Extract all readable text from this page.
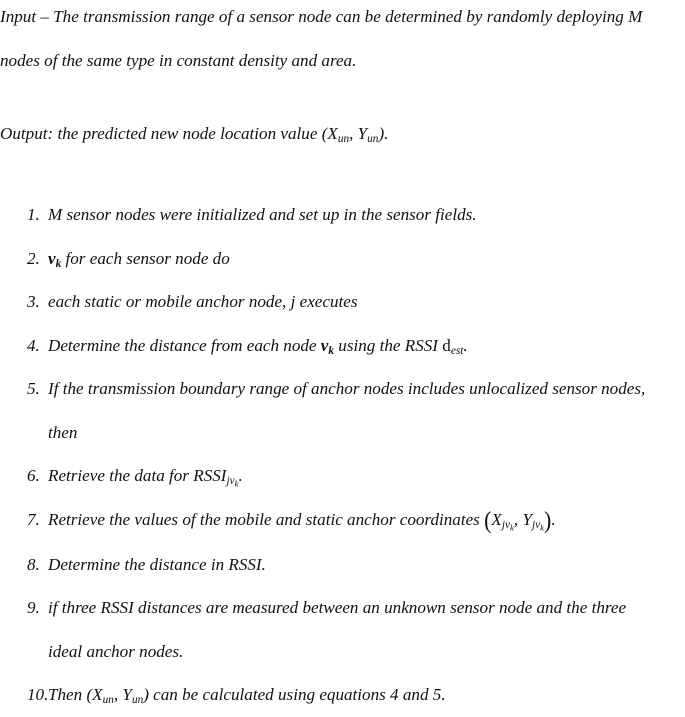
Input – The transmission range of a sensor node can be determined by randomly deploying M
nodes of the same type in constant density and area.
Output: the predicted new node location value ($X_{un}$, $Y_{un}$).
1. M sensor nodes were initialized and set up in the sensor fields.
2. $v_k$ for each sensor node do
3. each static or mobile anchor node, j executes
4. Determine the distance from each node $v_k$ using the RSSI $d_{est}$.
5. If the transmission boundary range of anchor nodes includes unlocalized sensor nodes,
then
6. Retrieve the data for $RSSI_{jv_k}$.
7. Retrieve the values of the mobile and static anchor coordinates ($X_{jv_k}$, $Y_{jv_k}$).
8. Determine the distance in RSSI.
9. if three RSSI distances are measured between an unknown sensor node and the three
ideal anchor nodes.
10. Then ($X_{un}$, $Y_{un}$) can be calculated using equations 4 and 5.
